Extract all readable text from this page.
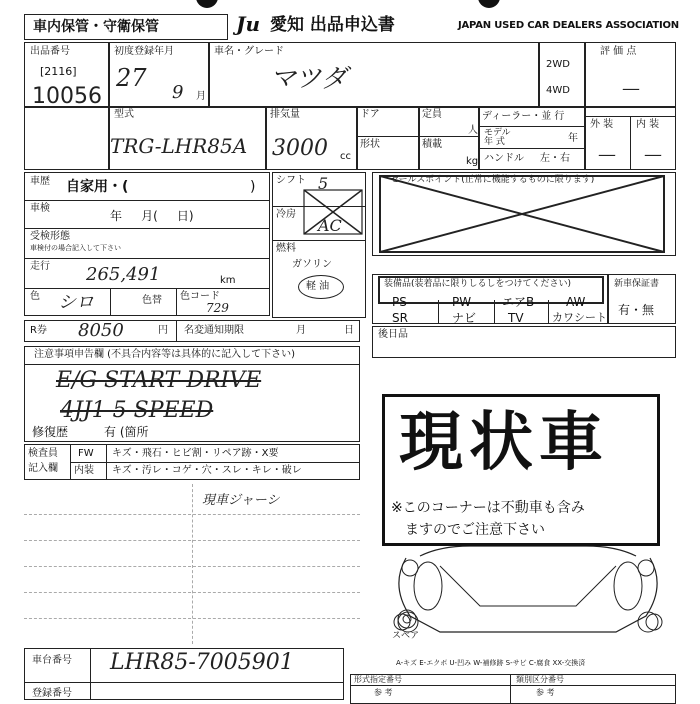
車内保管・守衛保管	Ju 愛知 出品申込書	JAPAN USED CAR DEALERS ASSOCIATION
出品番号
[2116]
10056
初度登録年月
27
9 月
車名・グレード
マツダ	2WD
4WD
評 価 点
—
型式
TRG-LHR85A
排気量
3000 cc
ドア	定員
人
形状	積載
kg
ディーラー・並 行
モデル
年 式	年
ハンドル 左・右
外 装 内 装
— —
車歴 自家用・(	)
車検
年     月(     日)
受検形態
車検付の場合記入して下さい
走行 265,491	km
色 シロ	色替 色コード
729
R券 8050	円 名変通知期限	月	日
シフト 5
冷房
AC
燃料
ガソリン
軽 油
セールスポイント(正常に機能するものに限ります)
装備品(装着品に限りしるしをつけてください)
PS	PW	エアB	AW
SR	ナビ	TV	カワシート
新車保証書
有・無
後日品
注意事項申告欄 (不具合内容等は具体的に記入して下さい)
E/G START DRIVE
4JJ1 5 SPEED
修復歴	有 (箇所
検査員
記入欄
FW キズ・飛石・ヒビ割・リペア跡・X要
内装 キズ・汚レ・コゲ・穴・スレ・キレ・破レ
現車ジャーシ
現状車
※このコーナーは不動車も含み
ますのでご注意下さい
スペア
A-キズ E-エクボ U-凹み W-補修跡 S-サビ C-腐食 XX-交換済
車台番号 LHR85-7005901
登録番号
形式指定番号
参 考
類別区分番号
参 考
